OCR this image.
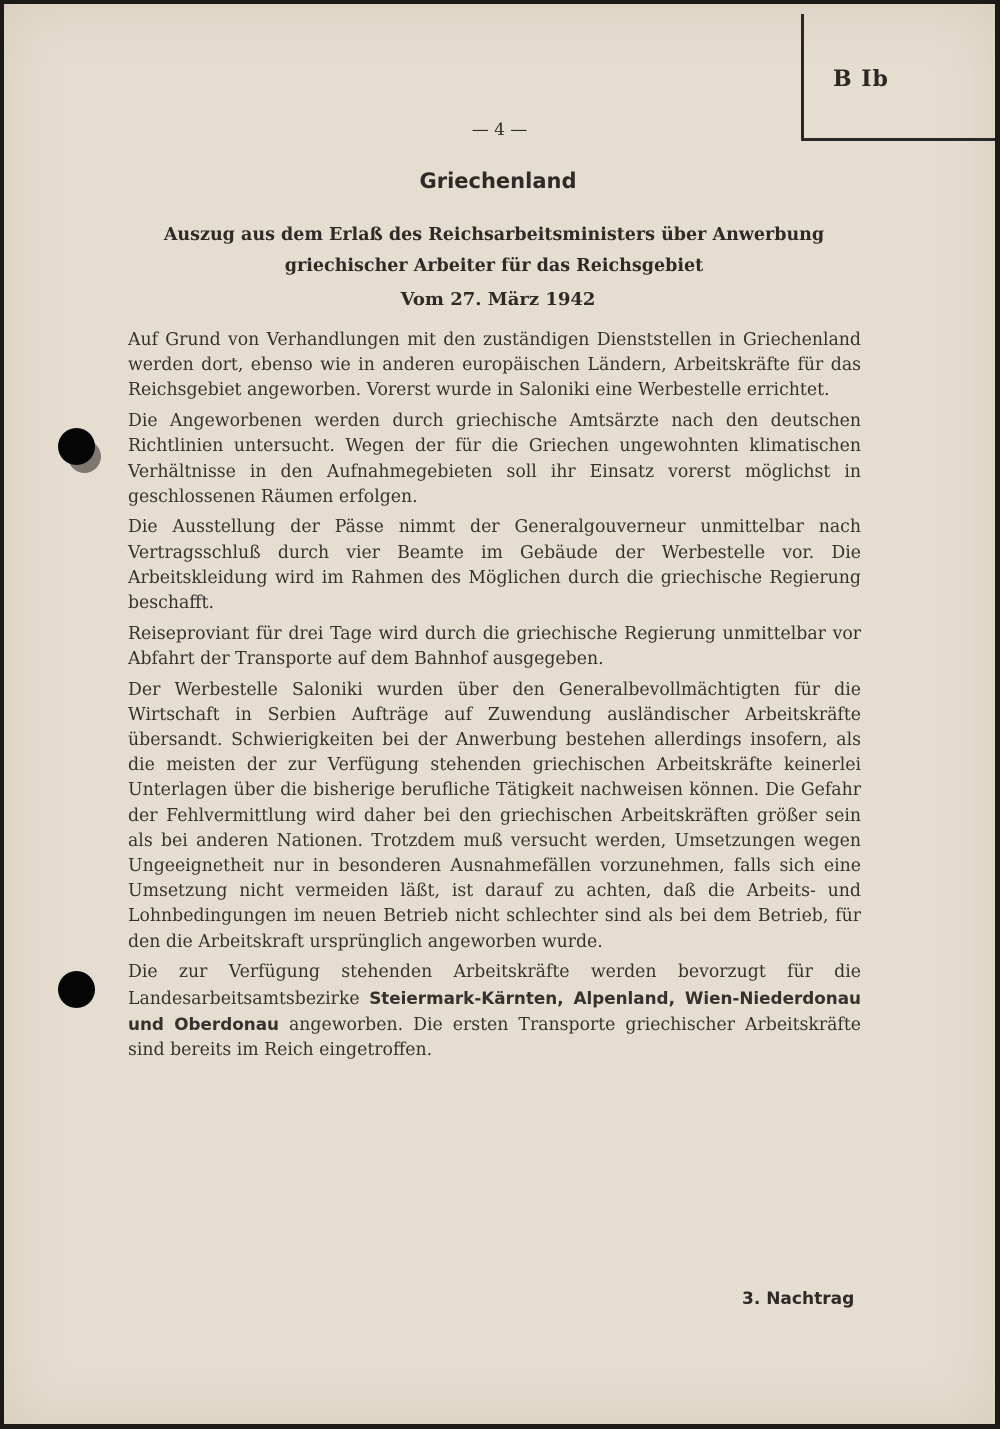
B Ib
— 4 —
Griechenland
Auszug aus dem Erlaß des Reichsarbeitsministers über Anwerbung griechischer Arbeiter für das Reichsgebiet
Vom 27. März 1942

Auf Grund von Verhandlungen mit den zuständigen Dienststellen in Griechenland werden dort, ebenso wie in anderen europäischen Ländern, Arbeitskräfte für das Reichsgebiet angeworben. Vorerst wurde in Saloniki eine Werbestelle errichtet.

Die Angeworbenen werden durch griechische Amtsärzte nach den deutschen Richtlinien untersucht. Wegen der für die Griechen ungewohnten klimatischen Verhältnisse in den Aufnahmegebieten soll ihr Einsatz vorerst möglichst in geschlossenen Räumen erfolgen.

Die Ausstellung der Pässe nimmt der Generalgouverneur unmittelbar nach Vertragsschluß durch vier Beamte im Gebäude der Werbestelle vor. Die Arbeitskleidung wird im Rahmen des Möglichen durch die griechische Regierung beschafft.

Reiseproviant für drei Tage wird durch die griechische Regierung unmittelbar vor Abfahrt der Transporte auf dem Bahnhof ausgegeben.

Der Werbestelle Saloniki wurden über den Generalbevollmächtigten für die Wirtschaft in Serbien Aufträge auf Zuwendung ausländischer Arbeitskräfte übersandt. Schwierigkeiten bei der Anwerbung bestehen allerdings insofern, als die meisten der zur Verfügung stehenden griechischen Arbeitskräfte keinerlei Unterlagen über die bisherige berufliche Tätigkeit nachweisen können. Die Gefahr der Fehlvermittlung wird daher bei den griechischen Arbeitskräften größer sein als bei anderen Nationen. Trotzdem muß versucht werden, Umsetzungen wegen Ungeeignetheit nur in besonderen Ausnahmefällen vorzunehmen, falls sich eine Umsetzung nicht vermeiden läßt, ist darauf zu achten, daß die Arbeits- und Lohnbedingungen im neuen Betrieb nicht schlechter sind als bei dem Betrieb, für den die Arbeitskraft ursprünglich angeworben wurde.

Die zur Verfügung stehenden Arbeitskräfte werden bevorzugt für die Landesarbeitsamtsbezirke Steiermark-Kärnten, Alpenland, Wien-Niederdonau und Oberdonau angeworben. Die ersten Transporte griechischer Arbeitskräfte sind bereits im Reich eingetroffen.

3. Nachtrag
